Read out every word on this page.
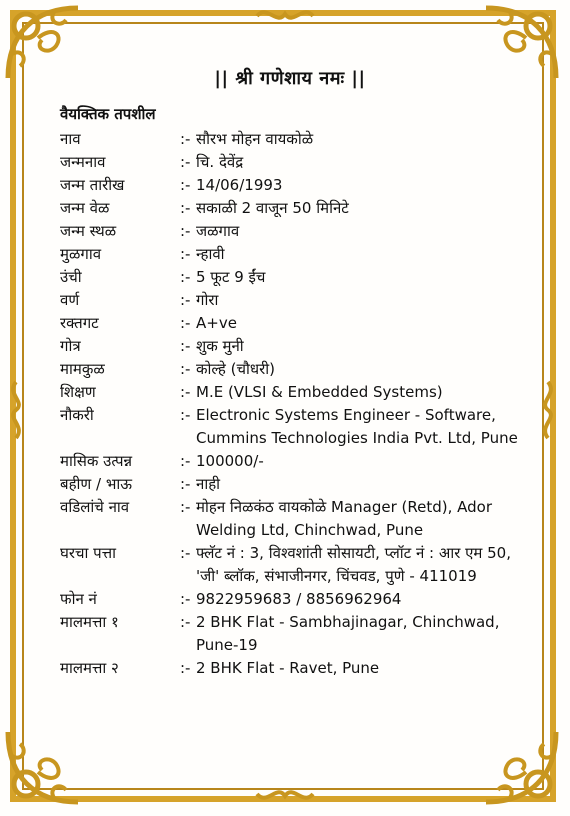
|| श्री गणेशाय नमः ||
वैयक्तिक तपशील
नाव	:- सौरभ मोहन वायकोळे
जन्मनाव	:- चि. देवेंद्र
जन्म तारीख	:- 14/06/1993
जन्म वेळ	:- सकाळी 2 वाजून 50 मिनिटे
जन्म स्थळ	:- जळगाव
मुळगाव	:- न्हावी
उंची	:- 5 फूट 9 ईंच
वर्ण	:- गोरा
रक्तगट	:- A+ve
गोत्र	:- शुक मुनी
मामकुळ	:- कोल्हे (चौधरी)
शिक्षण	:- M.E (VLSI & Embedded Systems)
नौकरी	:- Electronic Systems Engineer - Software, Cummins Technologies India Pvt. Ltd, Pune
मासिक उत्पन्न	:- 100000/-
बहीण / भाऊ	:- नाही
वडिलांचे नाव	:- मोहन निळकंठ वायकोळे Manager (Retd), Ador Welding Ltd, Chinchwad, Pune
घरचा पत्ता	:- फ्लॅट नं : 3, विश्वशांती सोसायटी, प्लॉट नं : आर एम 50, 'जी' ब्लॉक, संभाजीनगर, चिंचवड, पुणे - 411019
फोन नं	:- 9822959683 / 8856962964
मालमत्ता १	:- 2 BHK Flat - Sambhajinagar, Chinchwad, Pune-19
मालमत्ता २	:- 2 BHK Flat - Ravet, Pune
